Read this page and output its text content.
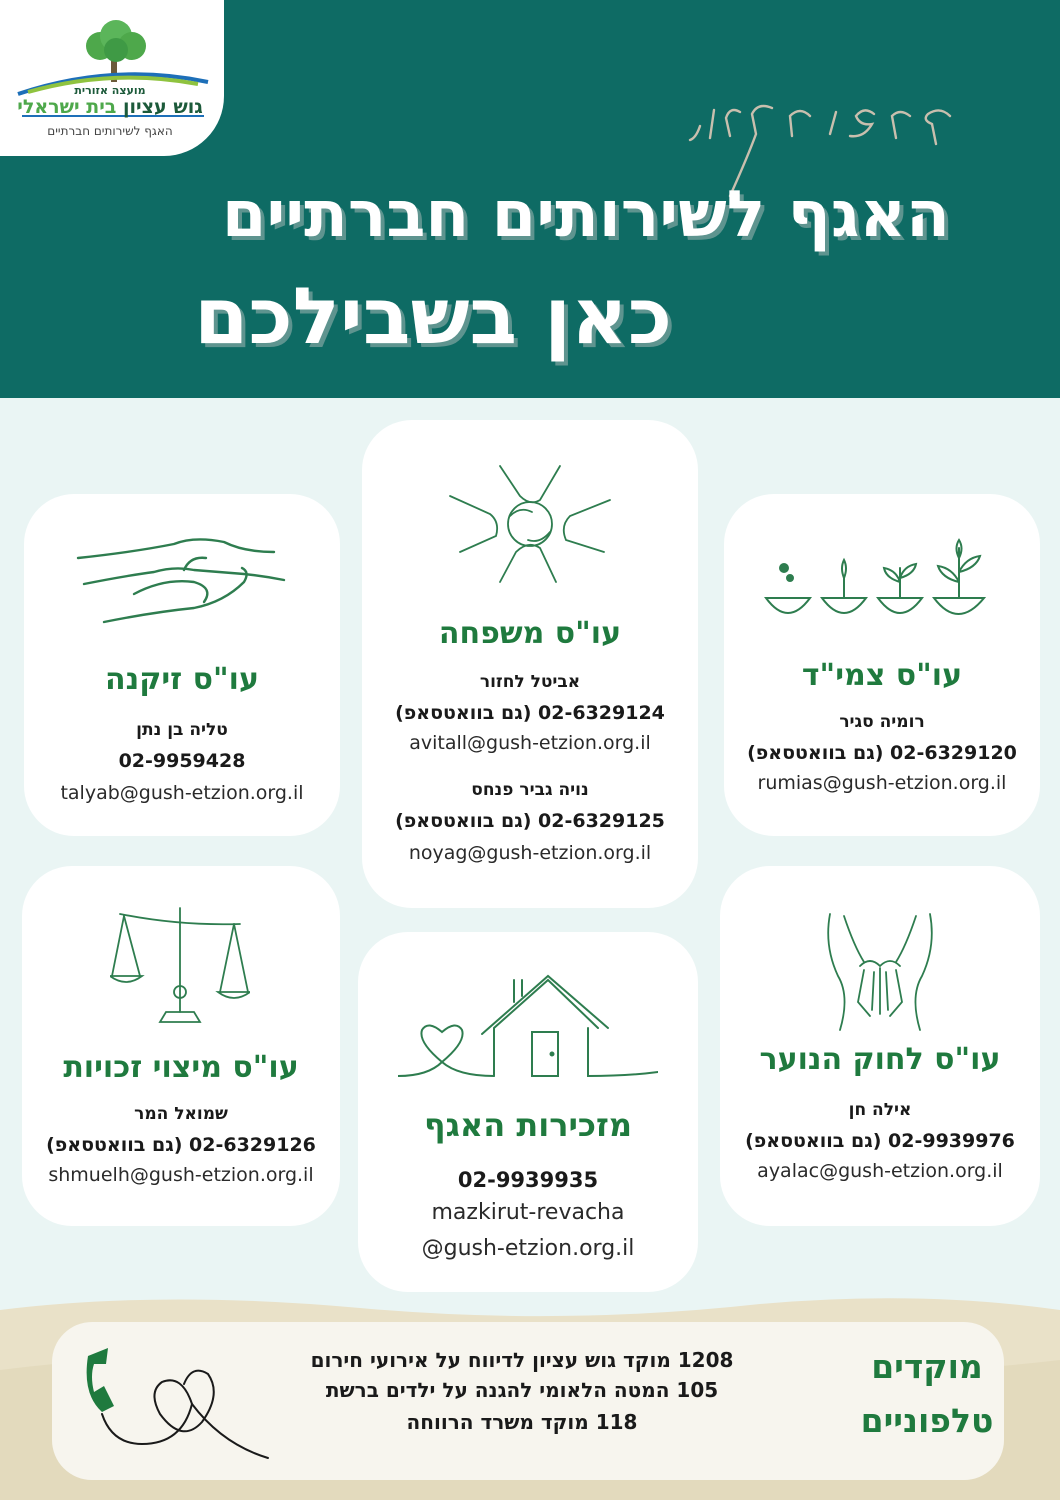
מועצה אזורית
גוש עציון בית ישראלי
האגף לשירותים חברתיים
האגף לשירותים חברתיים
כאן בשבילכם
עו"ס זיקנה
טליה בן נתן
02-9959428
talyab@gush-etzion.org.il
עו"ס משפחה
אביטל לחזור
02-6329124 (גם בוואטסאפ)
avitall@gush-etzion.org.il
נויה גביר פנחס
02-6329125 (גם בוואטסאפ)
noyag@gush-etzion.org.il
עו"ס צמי"ד
רומיה סגיר
02-6329120 (גם בוואטסאפ)
rumias@gush-etzion.org.il
עו"ס מיצוי זכויות
שמואל המר
02-6329126 (גם בוואטסאפ)
shmuelh@gush-etzion.org.il
מזכירות האגף
02-9939935
mazkirut-revacha
@gush-etzion.org.il
עו"ס לחוק הנוער
אילה חן
02-9939976 (גם בוואטסאפ)
ayalac@gush-etzion.org.il
מוקדים
טלפוניים
1208 מוקד גוש עציון לדיווח על אירועי חירום
105 המטה הלאומי להגנה על ילדים ברשת
118 מוקד משרד הרווחה
